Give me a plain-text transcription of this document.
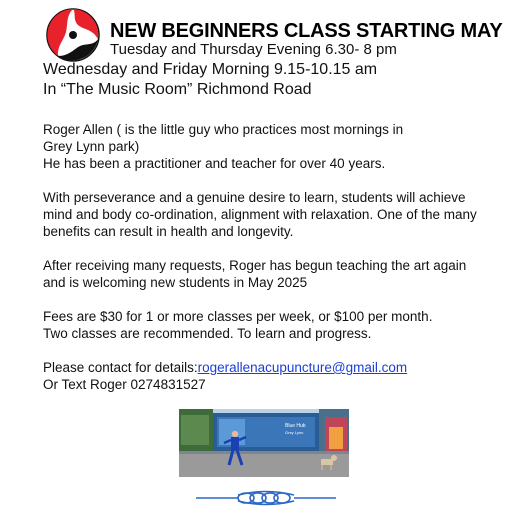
NEW BEGINNERS CLASS STARTING MAY
Tuesday and Thursday Evening 6.30- 8 pm
Wednesday and Friday Morning 9.15-10.15 am
In “The Music Room” Richmond Road

Roger Allen ( is the little guy who practices most mornings in
Grey Lynn park)
He has been a practitioner and teacher for over 40 years.

With perseverance and a genuine desire to learn, students will achieve mind and body co-ordination, alignment with relaxation. One of the many benefits can result in health and longevity.

After receiving many requests, Roger has begun teaching the art again and is welcoming new students in May 2025

Fees are $30 for 1 or more classes per week, or $100 per month.
Two classes are recommended. To learn and progress.

Please contact for details:rogerallenacupuncture@gmail.com
Or Text Roger 0274831527

Blue Hub
Grey Lynn
